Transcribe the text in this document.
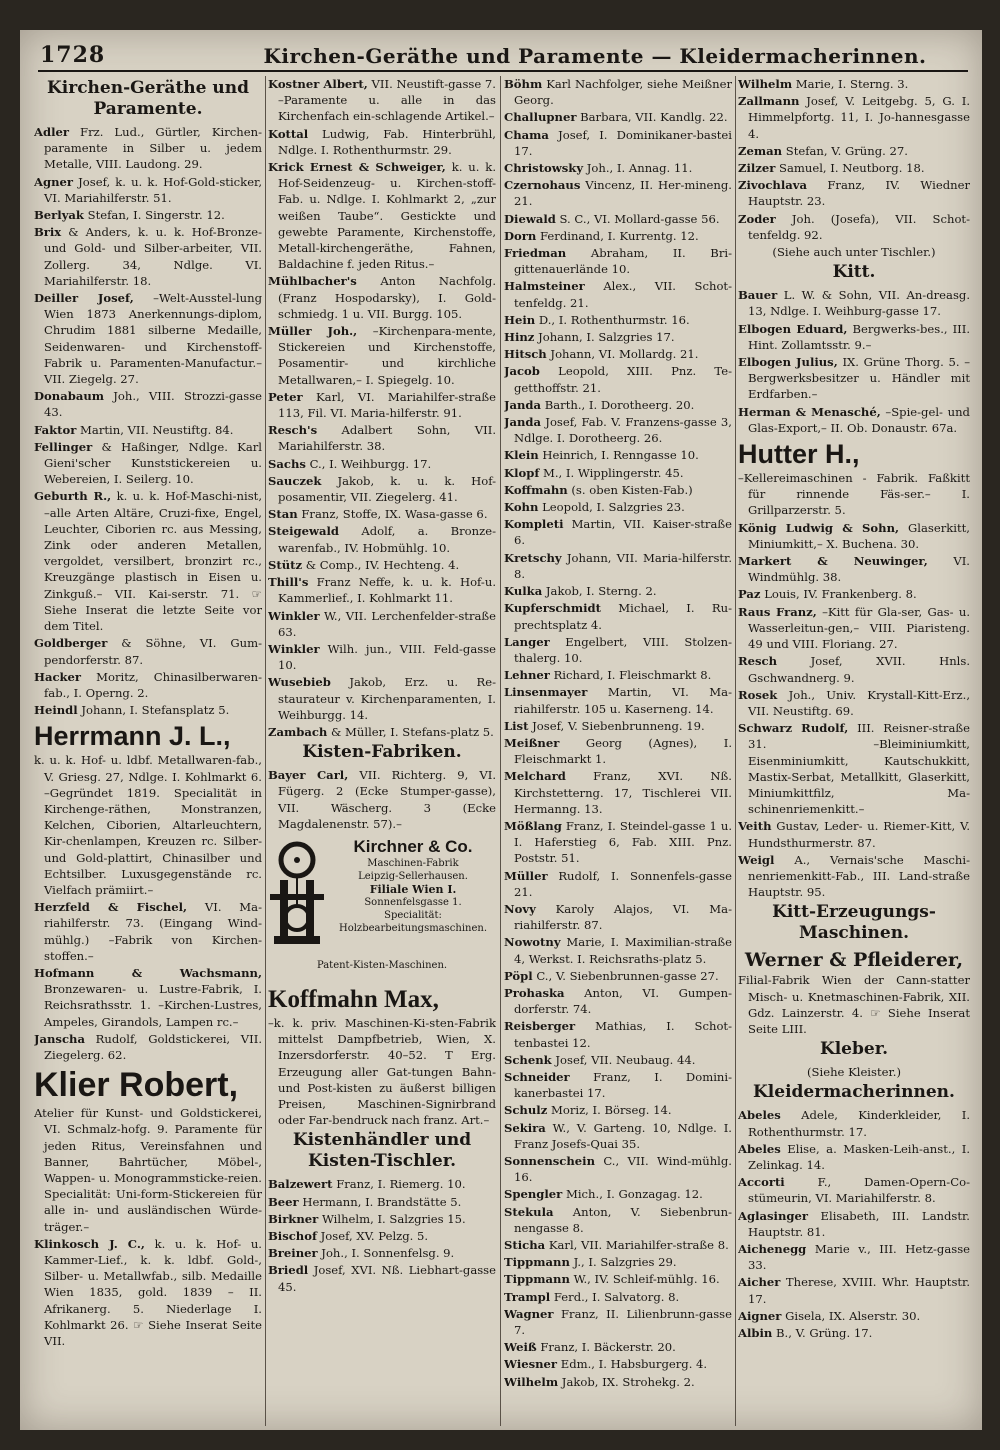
1728	Kirchen-Geräthe und Paramente — Kleidermacherinnen.
Kirchen-Geräthe und Paramente.
Adler Frz. Lud., Gürtler, Kirchen-paramente in Silber u. jedem Metalle, VIII. Laudong. 29.
Agner Josef, k. u. k. Hof-Gold-sticker, VI. Mariahilferstr. 51.
Berlyak Stefan, I. Singerstr. 12.
Brix & Anders, k. u. k. Hof-Bronze- und Gold- und Silber-arbeiter, VII. Zollerg. 34, Ndlge. VI. Mariahilferstr. 18.
Deiller Josef, –Welt-Ausstel-lung Wien 1873 Anerkennungs-diplom, Chrudim 1881 silberne Medaille, Seidenwaren- und Kirchenstoff-Fabrik u. Paramenten-Manufactur.– VII. Ziegelg. 27.
Donabaum Joh., VIII. Strozzi-gasse 43.
Faktor Martin, VII. Neustiftg. 84.
Fellinger & Haßinger, Ndlge. Karl Gieni'scher Kunststickereien u. Webereien, I. Seilerg. 10.
Geburth R., k. u. k. Hof-Maschi-nist, –alle Arten Altäre, Cruzi-fixe, Engel, Leuchter, Ciborien rc. aus Messing, Zink oder anderen Metallen, vergoldet, versilbert, bronzirt rc., Kreuzgänge plastisch in Eisen u. Zinkguß.– VII. Kai-serstr. 71. ☞ Siehe Inserat die letzte Seite vor dem Titel.
Goldberger & Söhne, VI. Gum-pendorferstr. 87.
Hacker Moritz, Chinasilberwaren-fab., I. Operng. 2.
Heindl Johann, I. Stefansplatz 5.
Herrmann J. L.,
k. u. k. Hof- u. ldbf. Metallwaren-fab., V. Griesg. 27, Ndlge. I. Kohlmarkt 6. –Gegründet 1819. Specialität in Kirchenge-räthen, Monstranzen, Kelchen, Ciborien, Altarleuchtern, Kir-chenlampen, Kreuzen rc. Silber- und Gold-plattirt, Chinasilber und Echtsilber. Luxusgegenstände rc. Vielfach prämiirt.–
Herzfeld & Fischel, VI. Ma-riahilferstr. 73. (Eingang Wind-mühlg.) –Fabrik von Kirchen-stoffen.–
Hofmann & Wachsmann, Bronzewaren- u. Lustre-Fabrik, I. Reichsrathsstr. 1. –Kirchen-Lustres, Ampeles, Girandols, Lampen rc.–
Janscha Rudolf, Goldstickerei, VII. Ziegelerg. 62.
Klier Robert,
Atelier für Kunst- und Goldstickerei, VI. Schmalz-hofg. 9. Paramente für jeden Ritus, Vereinsfahnen und Banner, Bahrtücher, Möbel-, Wappen- u. Monogrammsticke-reien. Specialität: Uni-form-Stickereien für alle in- und ausländischen Würde-träger.–
Klinkosch J. C., k. u. k. Hof- u. Kammer-Lief., k. k. ldbf. Gold-, Silber- u. Metallwfab., silb. Medaille Wien 1835, gold. 1839 – II. Afrikanerg. 5. Niederlage I. Kohlmarkt 26. ☞ Siehe Inserat Seite VII.
Kostner Albert, VII. Neustift-gasse 7. –Paramente u. alle in das Kirchenfach ein-schlagende Artikel.–
Kottal Ludwig, Fab. Hinterbrühl, Ndlge. I. Rothenthurmstr. 29.
Krick Ernest & Schweiger, k. u. k. Hof-Seidenzeug- u. Kirchen-stoff-Fab. u. Ndlge. I. Kohlmarkt 2, „zur weißen Taube“. Gestickte und gewebte Paramente, Kirchenstoffe, Metall-kirchengeräthe, Fahnen, Baldachine f. jeden Ritus.–
Mühlbacher's Anton Nachfolg. (Franz Hospodarsky), I. Gold-schmiedg. 1 u. VII. Burgg. 105.
Müller Joh., –Kirchenpara-mente, Stickereien und Kirchenstoffe, Posamentir- und kirchliche Metallwaren,– I. Spiegelg. 10.
Peter Karl, VI. Mariahilfer-straße 113, Fil. VI. Maria-hilferstr. 91.
Resch's Adalbert Sohn, VII. Mariahilferstr. 38.
Sachs C., I. Weihburgg. 17.
Sauczek Jakob, k. u. k. Hof-posamentir, VII. Ziegelerg. 41.
Stan Franz, Stoffe, IX. Wasa-gasse 6.
Steigewald Adolf, a. Bronze-warenfab., IV. Hobmühlg. 10.
Stütz & Comp., IV. Hechteng. 4.
Thill's Franz Neffe, k. u. k. Hof-u. Kammerlief., I. Kohlmarkt 11.
Winkler W., VII. Lerchenfelder-straße 63.
Winkler Wilh. jun., VIII. Feld-gasse 10.
Wusebieb Jakob, Erz. u. Re-staurateur v. Kirchenparamenten, I. Weihburgg. 14.
Zambach & Müller, I. Stefans-platz 5.
Kisten-Fabriken.
Bayer Carl, VII. Richterg. 9, VI. Fügerg. 2 (Ecke Stumper-gasse), VII. Wäscherg. 3 (Ecke Magdalenenstr. 57).–
Kirchner & Co.
Maschinen-Fabrik
Leipzig-Sellerhausen.
Filiale Wien I.
Sonnenfelsgasse 1.
Specialität:
Holzbearbeitungsmaschinen.
Patent-Kisten-Maschinen.
Koffmahn Max,
–k. k. priv. Maschinen-Ki-sten-Fabrik mittelst Dampfbetrieb, Wien, X. Inzersdorferstr. 40–52. T Erg. Erzeugung aller Gat-tungen Bahn- und Post-kisten zu äußerst billigen Preisen, Maschinen-Signirbrand oder Far-bendruck nach franz. Art.–
Kistenhändler und Kisten-Tischler.
Balzewert Franz, I. Riemerg. 10.
Beer Hermann, I. Brandstätte 5.
Birkner Wilhelm, I. Salzgries 15.
Bischof Josef, XV. Pelzg. 5.
Breiner Joh., I. Sonnenfelsg. 9.
Briedl Josef, XVI. Nß. Liebhart-gasse 45.
Böhm Karl Nachfolger, siehe Meißner Georg.
Challupner Barbara, VII. Kandlg. 22.
Chama Josef, I. Dominikaner-bastei 17.
Christowsky Joh., I. Annag. 11.
Czernohaus Vincenz, II. Her-mineng. 21.
Diewald S. C., VI. Mollard-gasse 56.
Dorn Ferdinand, I. Kurrentg. 12.
Friedman Abraham, II. Bri-gittenauerlände 10.
Halmsteiner Alex., VII. Schot-tenfeldg. 21.
Hein D., I. Rothenthurmstr. 16.
Hinz Johann, I. Salzgries 17.
Hitsch Johann, VI. Mollardg. 21.
Jacob Leopold, XIII. Pnz. Te-getthoffstr. 21.
Janda Barth., I. Dorotheerg. 20.
Janda Josef, Fab. V. Franzens-gasse 3, Ndlge. I. Dorotheerg. 26.
Klein Heinrich, I. Renngasse 10.
Klopf M., I. Wipplingerstr. 45.
Koffmahn (s. oben Kisten-Fab.)
Kohn Leopold, I. Salzgries 23.
Kompleti Martin, VII. Kaiser-straße 6.
Kretschy Johann, VII. Maria-hilferstr. 8.
Kulka Jakob, I. Sterng. 2.
Kupferschmidt Michael, I. Ru-prechtsplatz 4.
Langer Engelbert, VIII. Stolzen-thalerg. 10.
Lehner Richard, I. Fleischmarkt 8.
Linsenmayer Martin, VI. Ma-riahilferstr. 105 u. Kaserneng. 14.
List Josef, V. Siebenbrunneng. 19.
Meißner Georg (Agnes), I. Fleischmarkt 1.
Melchard Franz, XVI. Nß. Kirchstetterng. 17, Tischlerei VII. Hermanng. 13.
Mößlang Franz, I. Steindel-gasse 1 u. I. Haferstieg 6, Fab. XIII. Pnz. Poststr. 51.
Müller Rudolf, I. Sonnenfels-gasse 21.
Novy Karoly Alajos, VI. Ma-riahilferstr. 87.
Nowotny Marie, I. Maximilian-straße 4, Werkst. I. Reichsraths-platz 5.
Pöpl C., V. Siebenbrunnen-gasse 27.
Prohaska Anton, VI. Gumpen-dorferstr. 74.
Reisberger Mathias, I. Schot-tenbastei 12.
Schenk Josef, VII. Neubaug. 44.
Schneider Franz, I. Domini-kanerbastei 17.
Schulz Moriz, I. Börseg. 14.
Sekira W., V. Garteng. 10, Ndlge. I. Franz Josefs-Quai 35.
Sonnenschein C., VII. Wind-mühlg. 16.
Spengler Mich., I. Gonzagag. 12.
Stekula Anton, V. Siebenbrun-nengasse 8.
Sticha Karl, VII. Mariahilfer-straße 8.
Tippmann J., I. Salzgries 29.
Tippmann W., IV. Schleif-mühlg. 16.
Trampl Ferd., I. Salvatorg. 8.
Wagner Franz, II. Lilienbrunn-gasse 7.
Weiß Franz, I. Bäckerstr. 20.
Wiesner Edm., I. Habsburgerg. 4.
Wilhelm Jakob, IX. Strohekg. 2.
Wilhelm Marie, I. Sterng. 3.
Zallmann Josef, V. Leitgebg. 5, G. I. Himmelpfortg. 11, I. Jo-hannesgasse 4.
Zeman Stefan, V. Grüng. 27.
Zilzer Samuel, I. Neutborg. 18.
Zivochlava Franz, IV. Wiedner Hauptstr. 23.
Zoder Joh. (Josefa), VII. Schot-tenfeldg. 92.
(Siehe auch unter Tischler.)
Kitt.
Bauer L. W. & Sohn, VII. An-dreasg. 13, Ndlge. I. Weihburg-gasse 17.
Elbogen Eduard, Bergwerks-bes., III. Hint. Zollamtsstr. 9.–
Elbogen Julius, IX. Grüne Thorg. 5. –Bergwerksbesitzer u. Händler mit Erdfarben.–
Herman & Menasché, –Spie-gel- und Glas-Export,– II. Ob. Donaustr. 67a.
Hutter H.,
–Kellereimaschinen - Fabrik. Faßkitt für rinnende Fäs-ser.– I. Grillparzerstr. 5.
König Ludwig & Sohn, Glaserkitt, Miniumkitt,– X. Buchena. 30.
Markert & Neuwinger, VI. Windmühlg. 38.
Paz Louis, IV. Frankenberg. 8.
Raus Franz, –Kitt für Gla-ser, Gas- u. Wasserleitun-gen,– VIII. Piaristeng. 49 und VIII. Floriang. 27.
Resch	Josef, XVII. Hnls. Gschwandnerg. 9.
Rosek Joh., Univ. Krystall-Kitt-Erz., VII. Neustiftg. 69.
Schwarz Rudolf, III. Reisner-straße 31. –Bleiminiumkitt, Eisenminiumkitt, Kautschukkitt, Mastix-Serbat, Metallkitt, Glaserkitt, Miniumkittfilz, Ma-schinenriemenkitt.–
Veith Gustav, Leder- u. Riemer-Kitt, V. Hundsthurmerstr. 87.
Weigl A., Vernais'sche Maschi-nenriemenkitt-Fab., III. Land-straße Hauptstr. 95.
Kitt-Erzeugungs-Maschinen.
Werner & Pfleiderer,
Filial-Fabrik Wien der Cann-statter Misch- u. Knetmaschinen-Fabrik, XII. Gdz. Lainzerstr. 4. ☞ Siehe Inserat Seite LIII.
Kleber.
(Siehe Kleister.)
Kleidermacherinnen.
Abeles Adele, Kinderkleider, I. Rothenthurmstr. 17.
Abeles Elise, a. Masken-Leih-anst., I. Zelinkag. 14.
Accorti	F., Damen-Opern-Co-stümeurin, VI. Mariahilferstr. 8.
Aglasinger Elisabeth, III. Landstr. Hauptstr. 81.
Aichenegg Marie v., III. Hetz-gasse 33.
Aicher Therese, XVIII. Whr. Hauptstr. 17.
Aigner Gisela, IX. Alserstr. 30.
Albin B., V. Grüng. 17.
